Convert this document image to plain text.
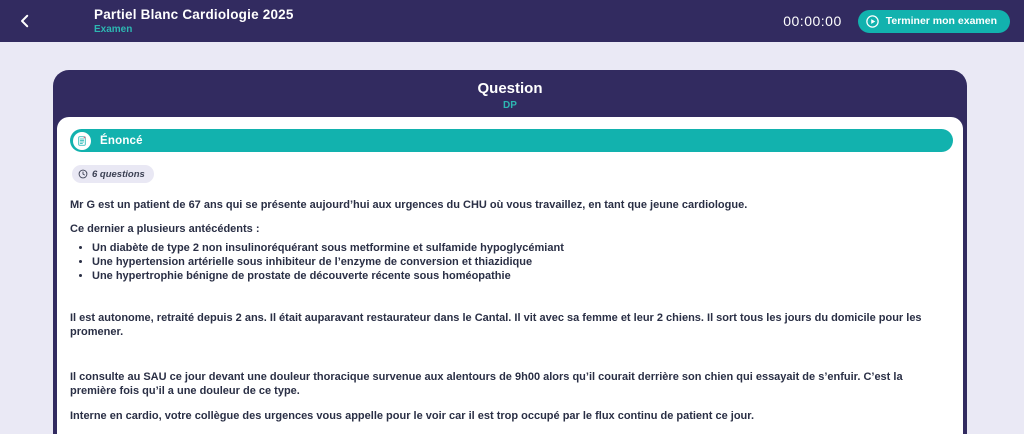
Partiel Blanc Cardiologie 2025
Examen
00:00:00	Terminer mon examen
Question
DP
Énoncé
6 questions

Mr G est un patient de 67 ans qui se présente aujourd’hui aux urgences du CHU où vous travaillez, en tant que jeune cardiologue.

Ce dernier a plusieurs antécédents :

• Un diabète de type 2 non insulinoréquérant sous metformine et sulfamide hypoglycémiant
• Une hypertension artérielle sous inhibiteur de l’enzyme de conversion et thiazidique
• Une hypertrophie bénigne de prostate de découverte récente sous homéopathie

Il est autonome, retraité depuis 2 ans. Il était auparavant restaurateur dans le Cantal. Il vit avec sa femme et leur 2 chiens. Il sort tous les jours du domicile pour les promener.

Il consulte au SAU ce jour devant une douleur thoracique survenue aux alentours de 9h00 alors qu’il courait derrière son chien qui essayait de s’enfuir. C’est la première fois qu’il a une douleur de ce type.

Interne en cardio, votre collègue des urgences vous appelle pour le voir car il est trop occupé par le flux continu de patient ce jour.
